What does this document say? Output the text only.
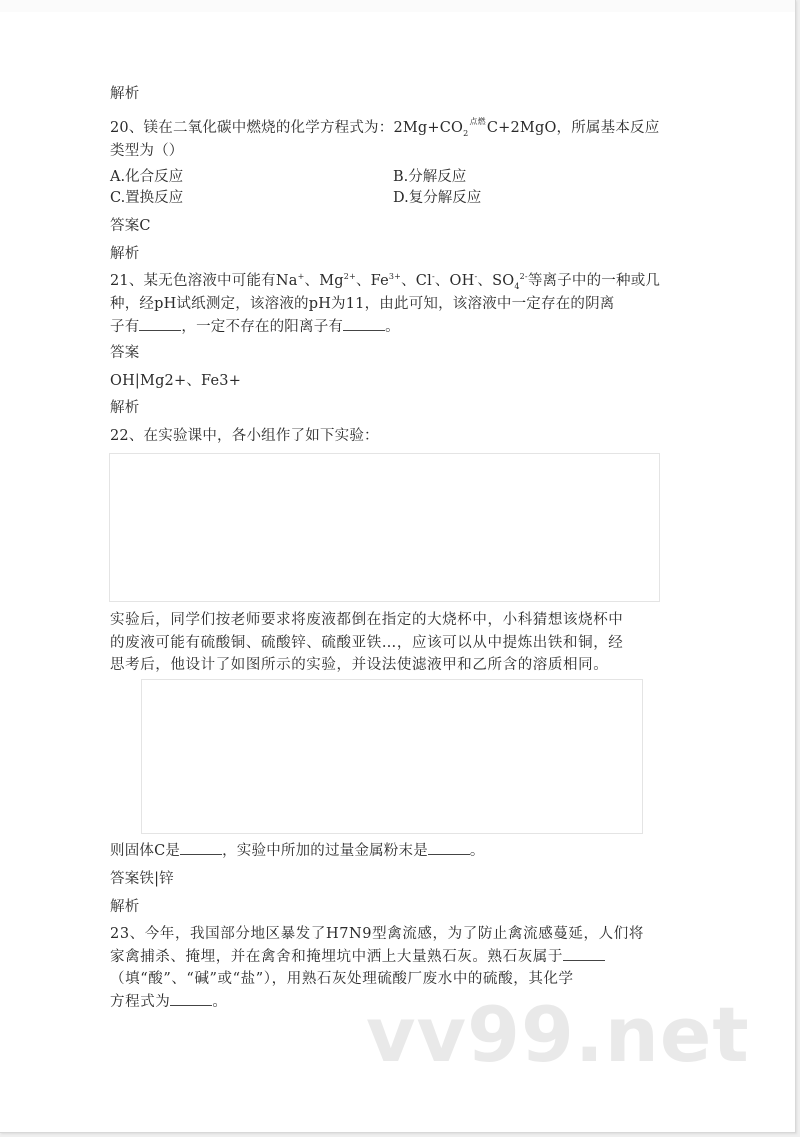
解析
20、镁在二氧化碳中燃烧的化学方程式为：$2Mg+CO_2$点燃C+2MgO，所属基本反应
类型为（）
A.化合反应	B.分解反应
C.置换反应	D.复分解反应
答案C
解析
21、某无色溶液中可能有Na+、$Mg^{2+}$、$Fe^{3+}$、Cl-、OH-、$SO_4^{2-}$等离子中的一种或几
种，经pH试纸测定，该溶液的pH为11，由此可知，该溶液中一定存在的阴离
子有	，一定不存在的阳离子有	。
答案
OH|Mg2+、Fe3+
解析
22、在实验课中，各小组作了如下实验：
实验后，同学们按老师要求将废液都倒在指定的大烧杯中，小科猜想该烧杯中
的废液可能有硫酸铜、硫酸锌、硫酸亚铁…，应该可以从中提炼出铁和铜，经
思考后，他设计了如图所示的实验，并设法使滤液甲和乙所含的溶质相同。
则固体C是	，实验中所加的过量金属粉末是	。
答案铁|锌
解析
vv99.net
23、今年，我国部分地区暴发了H7N9型禽流感，为了防止禽流感蔓延，人们将
家禽捕杀、掩埋，并在禽舍和掩埋坑中洒上大量熟石灰。熟石灰属于
（填“酸”、“碱”或“盐”），用熟石灰处理硫酸厂废水中的硫酸，其化学
方程式为	。
